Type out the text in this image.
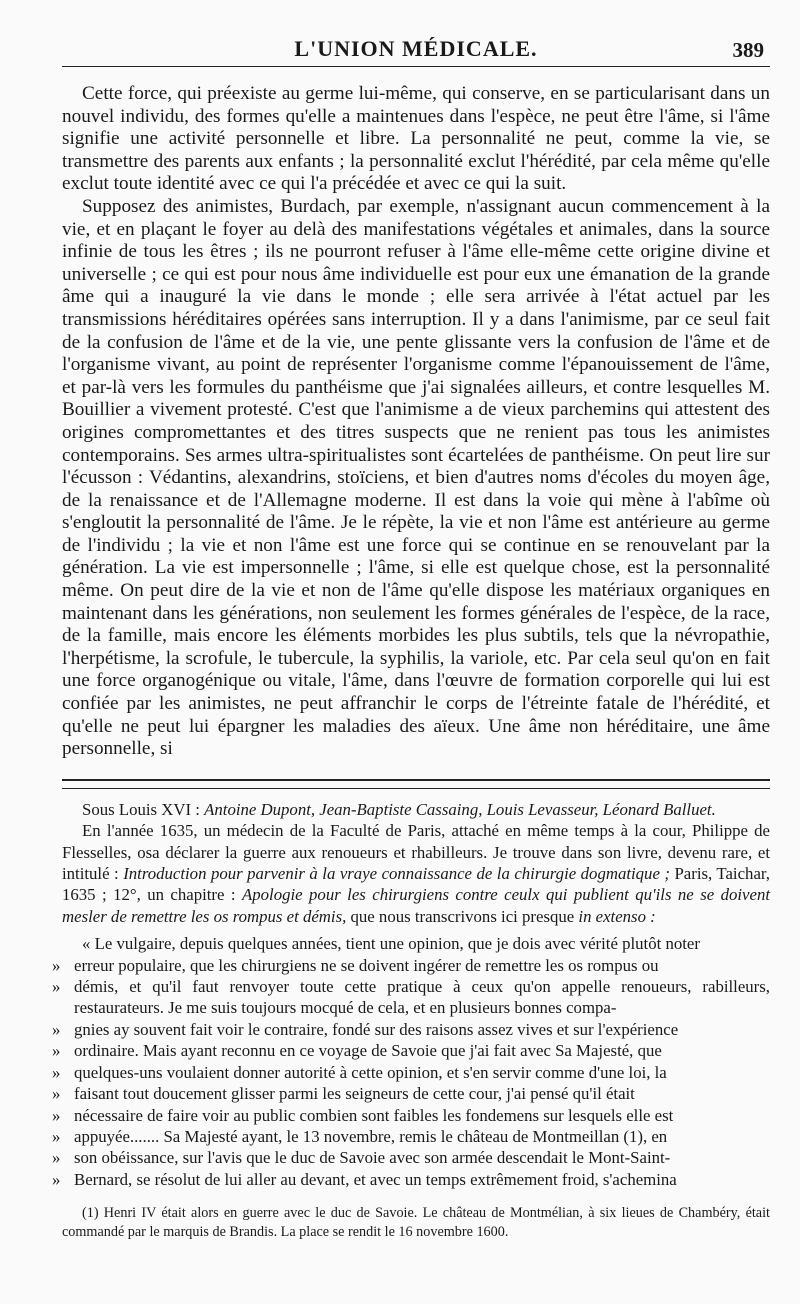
L'UNION MÉDICALE.	389

Cette force, qui préexiste au germe lui-même, qui conserve, en se particularisant dans un nouvel individu, des formes qu'elle a maintenues dans l'espèce, ne peut être l'âme, si l'âme signifie une activité personnelle et libre. La personnalité ne peut, comme la vie, se transmettre des parents aux enfants ; la personnalité exclut l'hérédité, par cela même qu'elle exclut toute identité avec ce qui l'a précédée et avec ce qui la suit.

Supposez des animistes, Burdach, par exemple, n'assignant aucun commencement à la vie, et en plaçant le foyer au delà des manifestations végétales et animales, dans la source infinie de tous les êtres ; ils ne pourront refuser à l'âme elle-même cette origine divine et universelle ; ce qui est pour nous âme individuelle est pour eux une émanation de la grande âme qui a inauguré la vie dans le monde ; elle sera arrivée à l'état actuel par les transmissions héréditaires opérées sans interruption. Il y a dans l'animisme, par ce seul fait de la confusion de l'âme et de la vie, une pente glissante vers la confusion de l'âme et de l'organisme vivant, au point de représenter l'organisme comme l'épanouissement de l'âme, et par-là vers les formules du panthéisme que j'ai signalées ailleurs, et contre lesquelles M. Bouillier a vivement protesté. C'est que l'animisme a de vieux parchemins qui attestent des origines compromettantes et des titres suspects que ne renient pas tous les animistes contemporains. Ses armes ultra-spiritualistes sont écartelées de panthéisme. On peut lire sur l'écusson : Védantins, alexandrins, stoïciens, et bien d'autres noms d'écoles du moyen âge, de la renaissance et de l'Allemagne moderne. Il est dans la voie qui mène à l'abîme où s'engloutit la personnalité de l'âme. Je le répète, la vie et non l'âme est antérieure au germe de l'individu ; la vie et non l'âme est une force qui se continue en se renouvelant par la génération. La vie est impersonnelle ; l'âme, si elle est quelque chose, est la personnalité même. On peut dire de la vie et non de l'âme qu'elle dispose les matériaux organiques en maintenant dans les générations, non seulement les formes générales de l'espèce, de la race, de la famille, mais encore les éléments morbides les plus subtils, tels que la névropathie, l'herpétisme, la scrofule, le tubercule, la syphilis, la variole, etc. Par cela seul qu'on en fait une force organogénique ou vitale, l'âme, dans l'œuvre de formation corporelle qui lui est confiée par les animistes, ne peut affranchir le corps de l'étreinte fatale de l'hérédité, et qu'elle ne peut lui épargner les maladies des aïeux. Une âme non héréditaire, une âme personnelle, si

Sous Louis XVI : Antoine Dupont, Jean-Baptiste Cassaing, Louis Levasseur, Léonard Balluet.

En l'année 1635, un médecin de la Faculté de Paris, attaché en même temps à la cour, Philippe de Flesselles, osa déclarer la guerre aux renoueurs et rhabilleurs. Je trouve dans son livre, devenu rare, et intitulé : Introduction pour parvenir à la vraye connaissance de la chirurgie dogmatique ; Paris, Taichar, 1635 ; 12°, un chapitre : Apologie pour les chirurgiens contre ceulx qui publient qu'ils ne se doivent mesler de remettre les os rompus et démis, que nous transcrivons ici presque in extenso :

« Le vulgaire, depuis quelques années, tient une opinion, que je dois avec vérité plutôt noter
» erreur populaire, que les chirurgiens ne se doivent ingérer de remettre les os rompus ou
» démis, et qu'il faut renvoyer toute cette pratique à ceux qu'on appelle renoueurs, rabilleurs, restaurateurs. Je me suis toujours mocqué de cela, et en plusieurs bonnes compa-
» gnies ay souvent fait voir le contraire, fondé sur des raisons assez vives et sur l'expérience
» ordinaire. Mais ayant reconnu en ce voyage de Savoie que j'ai fait avec Sa Majesté, que
» quelques-uns voulaient donner autorité à cette opinion, et s'en servir comme d'une loi, la
» faisant tout doucement glisser parmi les seigneurs de cette cour, j'ai pensé qu'il était
» nécessaire de faire voir au public combien sont faibles les fondemens sur lesquels elle est
» appuyée....... Sa Majesté ayant, le 13 novembre, remis le château de Montmeillan (1), en
» son obéissance, sur l'avis que le duc de Savoie avec son armée descendait le Mont-Saint-
» Bernard, se résolut de lui aller au devant, et avec un temps extrêmement froid, s'achemina

(1) Henri IV était alors en guerre avec le duc de Savoie. Le château de Montmélian, à six lieues de Chambéry, était commandé par le marquis de Brandis. La place se rendit le 16 novembre 1600.
